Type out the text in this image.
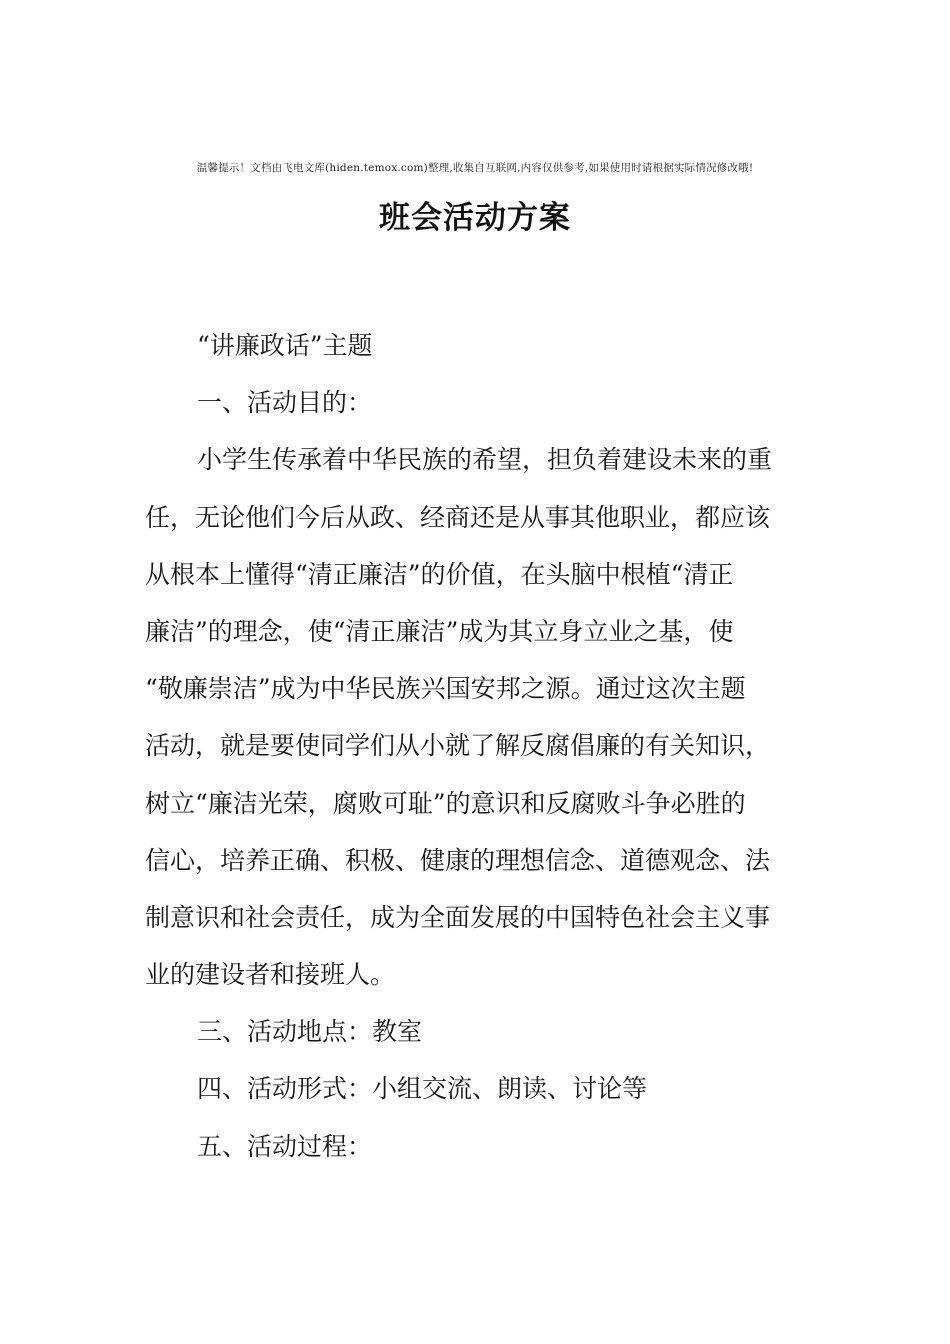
温馨提示！文档由飞电文库(hiden.temox.com)整理,收集自互联网,内容仅供参考,如果使用时请根据实际情况修改哦!
班会活动方案
“讲廉政话”主题
一、活动目的：
小学生传承着中华民族的希望，担负着建设未来的重
任，无论他们今后从政、经商还是从事其他职业，都应该
从根本上懂得“清正廉洁”的价值，在头脑中根植“清正
廉洁”的理念，使“清正廉洁”成为其立身立业之基，使
“敬廉崇洁”成为中华民族兴国安邦之源。通过这次主题
活动，就是要使同学们从小就了解反腐倡廉的有关知识，
树立“廉洁光荣，腐败可耻”的意识和反腐败斗争必胜的
信心，培养正确、积极、健康的理想信念、道德观念、法
制意识和社会责任，成为全面发展的中国特色社会主义事
业的建设者和接班人。
三、活动地点：教室
四、活动形式：小组交流、朗读、讨论等
五、活动过程：
